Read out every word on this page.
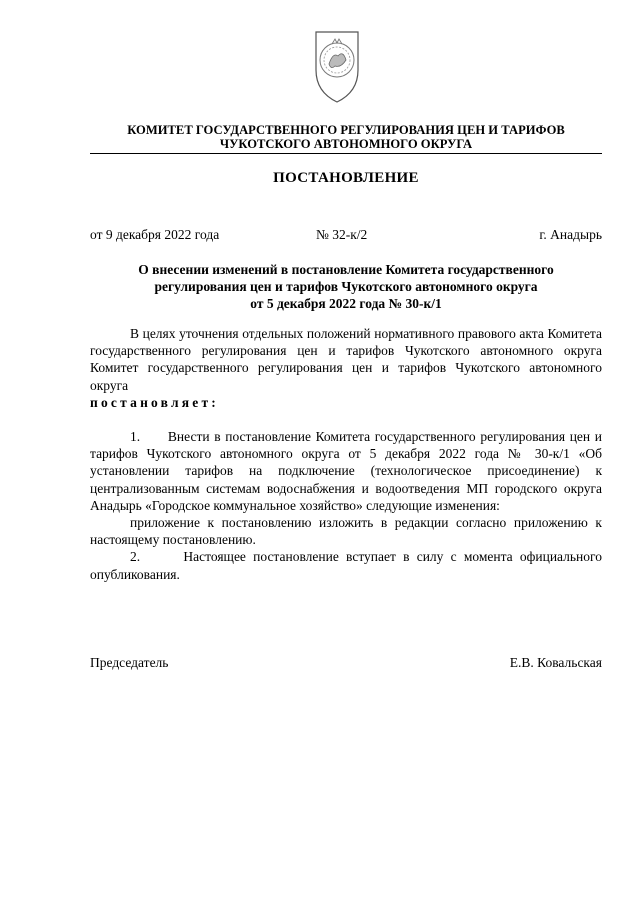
КОМИТЕТ ГОСУДАРСТВЕННОГО РЕГУЛИРОВАНИЯ ЦЕН И ТАРИФОВ
ЧУКОТСКОГО АВТОНОМНОГО ОКРУГА
ПОСТАНОВЛЕНИЕ
от 9 декабря 2022 года	№ 32-к/2	г. Анадырь
О внесении изменений в постановление Комитета государственного
регулирования цен и тарифов Чукотского автономного округа
от 5 декабря 2022 года № 30-к/1

В целях уточнения отдельных положений нормативного правового акта Комитета государственного регулирования цен и тарифов Чукотского автономного округа Комитет государственного регулирования цен и тарифов Чукотского автономного округа

постановляет:

1.      Внести в постановление Комитета государственного регулирования цен и тарифов Чукотского автономного округа от 5 декабря 2022 года № 30-к/1 «Об установлении тарифов на подключение (технологическое присоединение) к централизованным системам водоснабжения и водоотведения МП городского округа Анадырь «Городское коммунальное хозяйство» следующие изменения:

приложение к постановлению изложить в редакции согласно приложению к настоящему постановлению.

2.      Настоящее постановление вступает в силу с момента официального опубликования.

Председатель	Е.В. Ковальская
